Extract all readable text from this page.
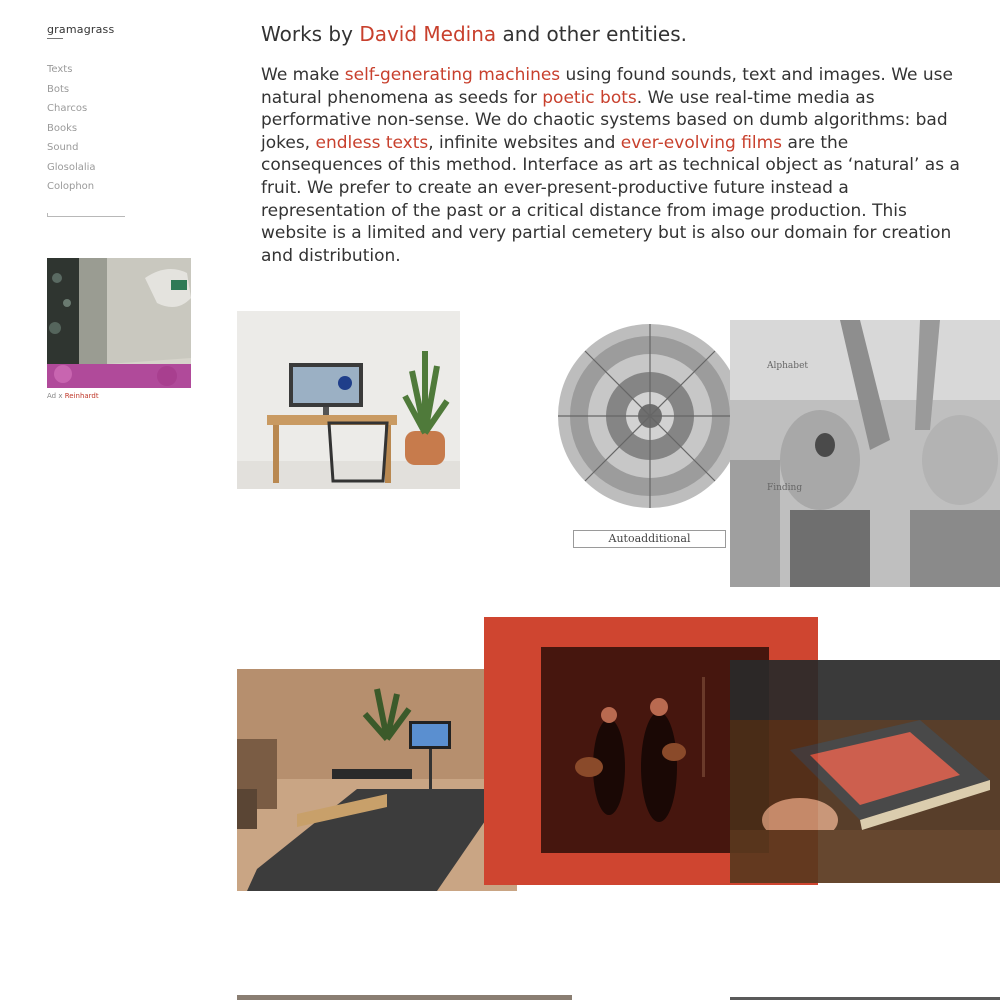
gramagrass
Texts
Bots
Charcos
Books
Sound
Glosolalia
Colophon
Ad x Reinhardt
Works by David Medina and other entities.

We make self-generating machines using found sounds, text and images. We use natural phenomena as seeds for poetic bots. We use real-time media as performative non-sense. We do chaotic systems based on dumb algorithms: bad jokes, endless texts, infinite websites and ever-evolving films are the consequences of this method. Interface as art as technical object as ‘natural’ as a fruit. We prefer to create an ever-present-productive future instead a representation of the past or a critical distance from image production. This website is a limited and very partial cemetery but is also our domain for creation and distribution.

Autoadditional
Alphabet
Finding
